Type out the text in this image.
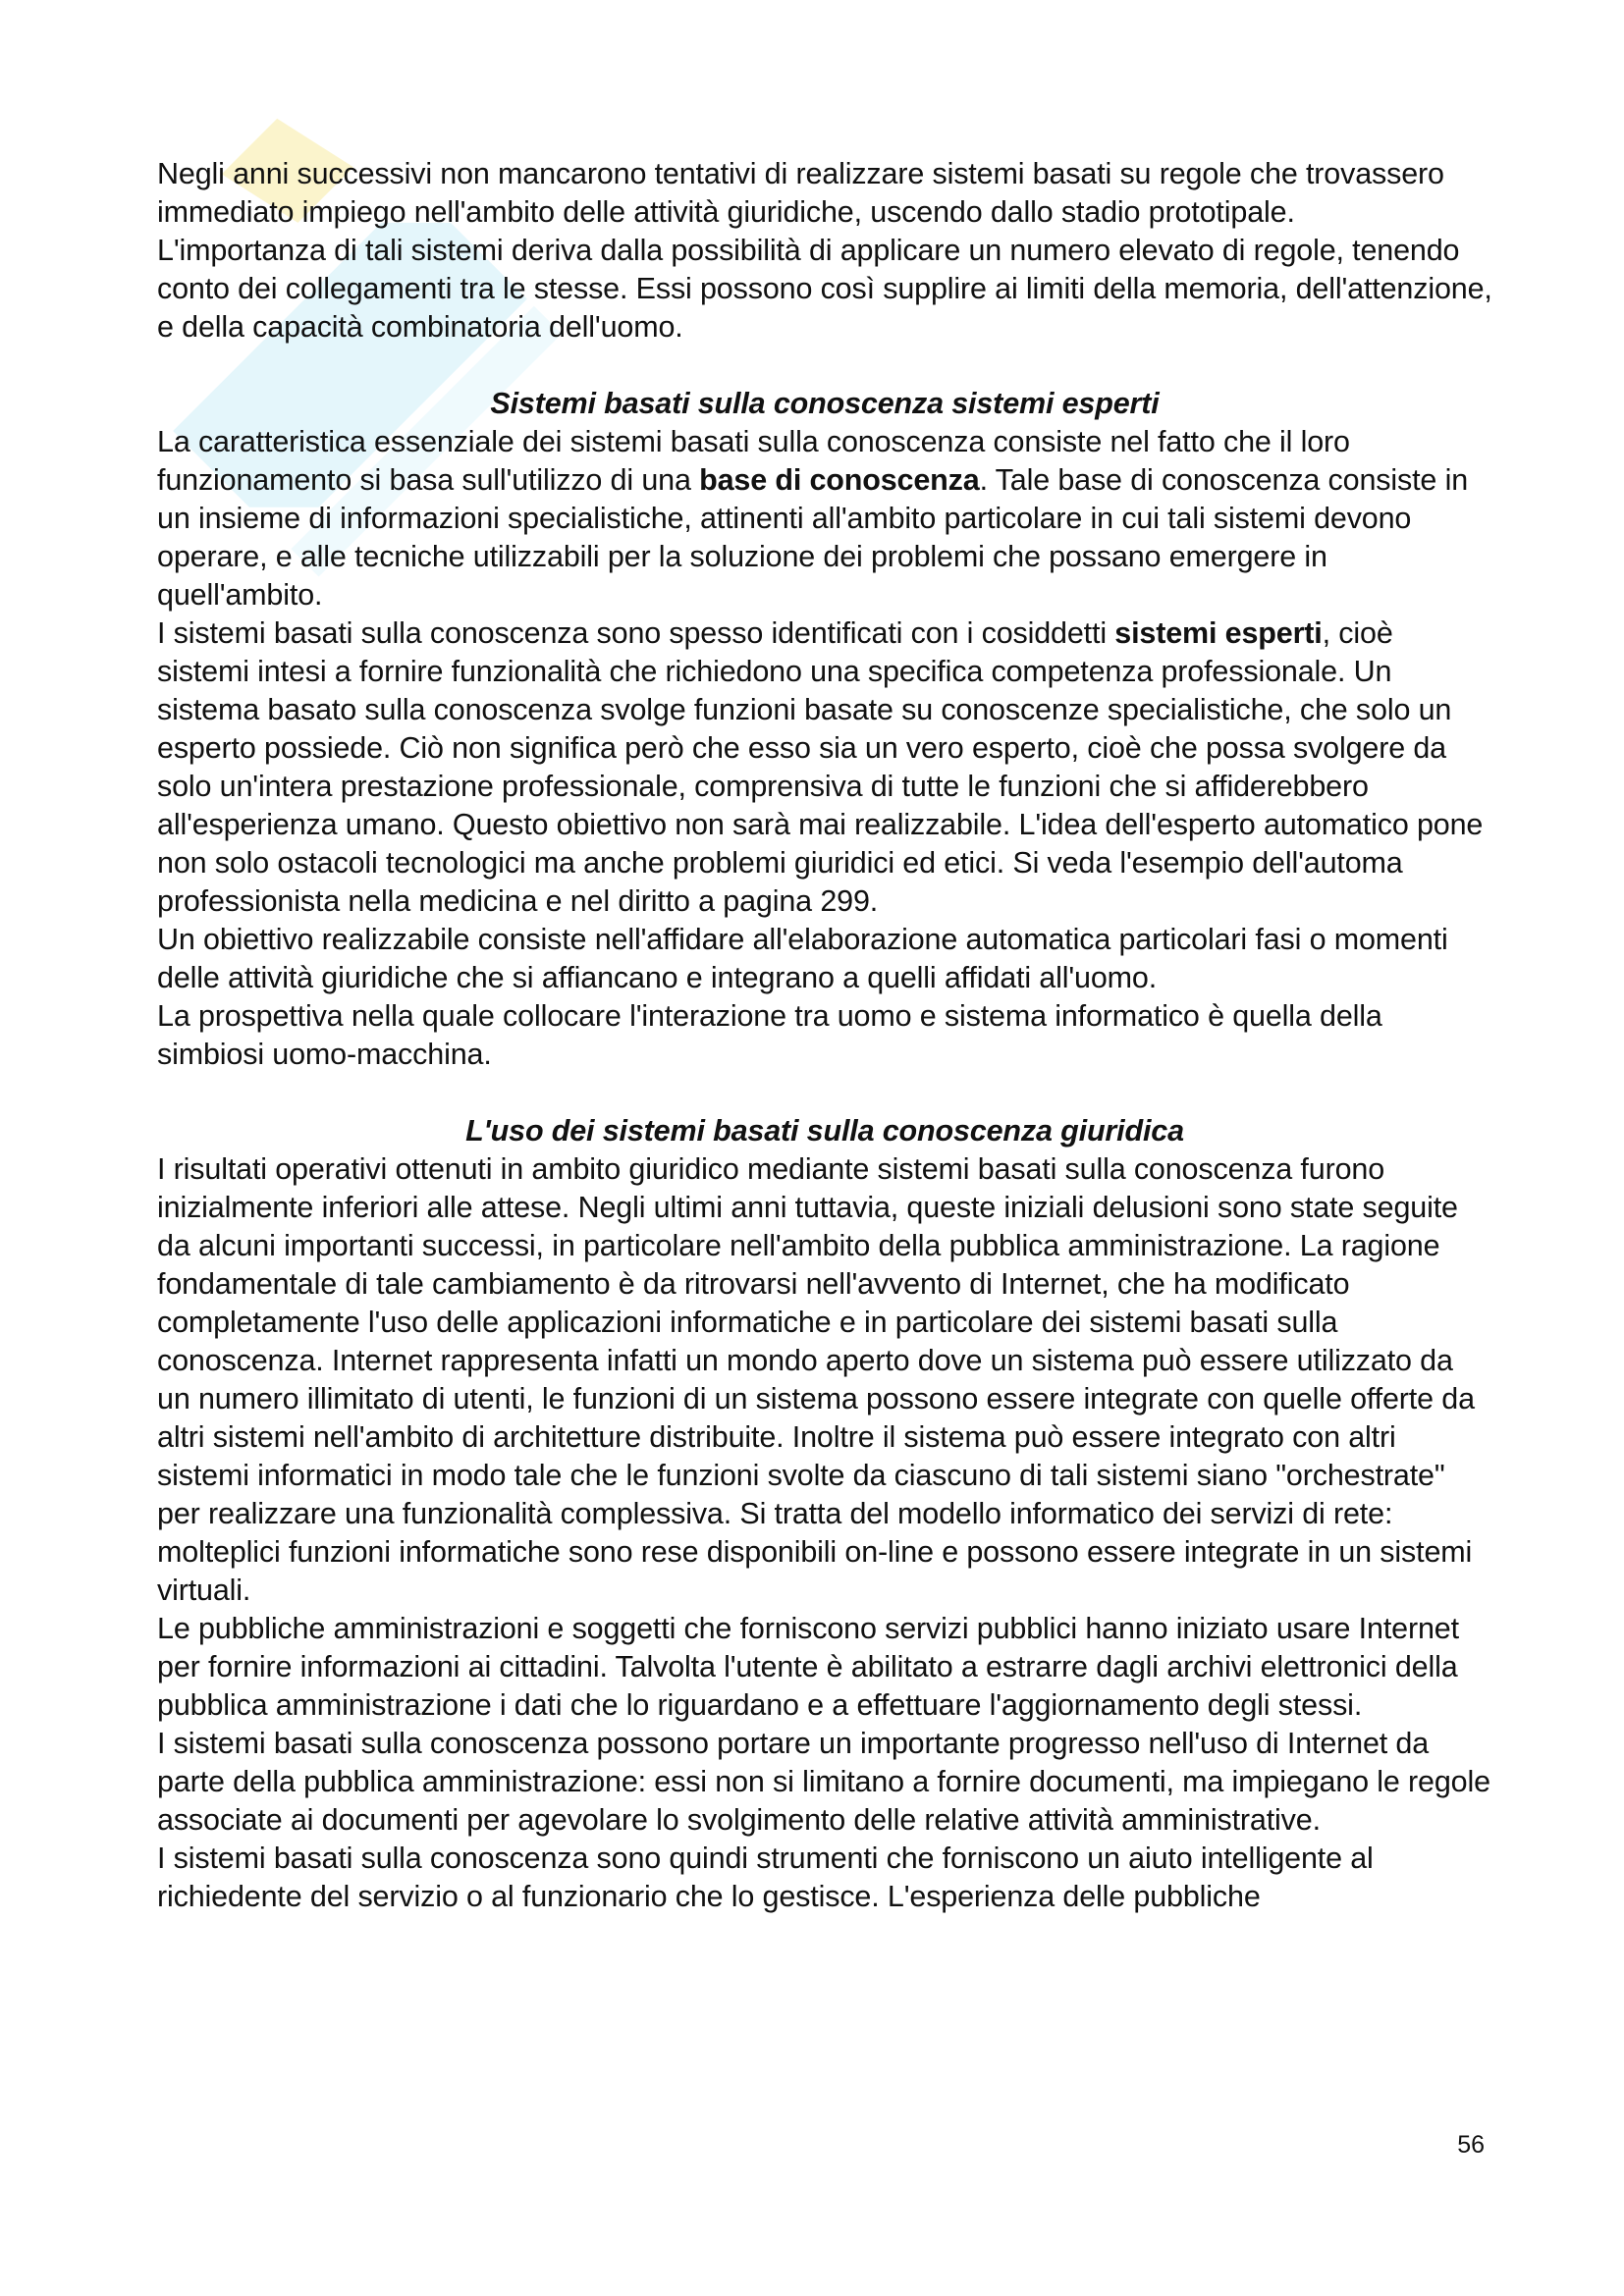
Negli anni successivi non mancarono tentativi di realizzare sistemi basati su regole che trovassero immediato impiego nell'ambito delle attività giuridiche, uscendo dallo stadio prototipale.

L'importanza di tali sistemi deriva dalla possibilità di applicare un numero elevato di regole, tenendo conto dei collegamenti tra le stesse. Essi possono così supplire ai limiti della memoria, dell'attenzione, e della capacità combinatoria dell'uomo.

Sistemi basati sulla conoscenza sistemi esperti

La caratteristica essenziale dei sistemi basati sulla conoscenza consiste nel fatto che il loro funzionamento si basa sull'utilizzo di una base di conoscenza. Tale base di conoscenza consiste in un insieme di informazioni specialistiche, attinenti all'ambito particolare in cui tali sistemi devono operare, e alle tecniche utilizzabili per la soluzione dei problemi che possano emergere in quell'ambito.

I sistemi basati sulla conoscenza sono spesso identificati con i cosiddetti sistemi esperti, cioè sistemi intesi a fornire funzionalità che richiedono una specifica competenza professionale. Un sistema basato sulla conoscenza svolge funzioni basate su conoscenze specialistiche, che solo un esperto possiede. Ciò non significa però che esso sia un vero esperto, cioè che possa svolgere da solo un'intera prestazione professionale, comprensiva di tutte le funzioni che si affiderebbero all'esperienza umano. Questo obiettivo non sarà mai realizzabile. L'idea dell'esperto automatico pone non solo ostacoli tecnologici ma anche problemi giuridici ed etici. Si veda l'esempio dell'automa professionista nella medicina e nel diritto a pagina 299.

Un obiettivo realizzabile consiste nell'affidare all'elaborazione automatica particolari fasi o momenti delle attività giuridiche che si affiancano e integrano a quelli affidati all'uomo.

La prospettiva nella quale collocare l'interazione tra uomo e sistema informatico è quella della simbiosi uomo-macchina.

L'uso dei sistemi basati sulla conoscenza giuridica

I risultati operativi ottenuti in ambito giuridico mediante sistemi basati sulla conoscenza furono inizialmente inferiori alle attese. Negli ultimi anni tuttavia, queste iniziali delusioni sono state seguite da alcuni importanti successi, in particolare nell'ambito della pubblica amministrazione. La ragione fondamentale di tale cambiamento è da ritrovarsi nell'avvento di Internet, che ha modificato completamente l'uso delle applicazioni informatiche e in particolare dei sistemi basati sulla conoscenza. Internet rappresenta infatti un mondo aperto dove un sistema può essere utilizzato da un numero illimitato di utenti, le funzioni di un sistema possono essere integrate con quelle offerte da altri sistemi nell'ambito di architetture distribuite. Inoltre il sistema può essere integrato con altri sistemi informatici in modo tale che le funzioni svolte da ciascuno di tali sistemi siano "orchestrate" per realizzare una funzionalità complessiva. Si tratta del modello informatico dei servizi di rete: molteplici funzioni informatiche sono rese disponibili on-line e possono essere integrate in un sistemi virtuali.

Le pubbliche amministrazioni e soggetti che forniscono servizi pubblici hanno iniziato usare Internet per fornire informazioni ai cittadini. Talvolta l'utente è abilitato a estrarre dagli archivi elettronici della pubblica amministrazione i dati che lo riguardano e a effettuare l'aggiornamento degli stessi.

I sistemi basati sulla conoscenza possono portare un importante progresso nell'uso di Internet da parte della pubblica amministrazione: essi non si limitano a fornire documenti, ma impiegano le regole associate ai documenti per agevolare lo svolgimento delle relative attività amministrative.

I sistemi basati sulla conoscenza sono quindi strumenti che forniscono un aiuto intelligente al richiedente del servizio o al funzionario che lo gestisce. L'esperienza delle pubbliche

56
